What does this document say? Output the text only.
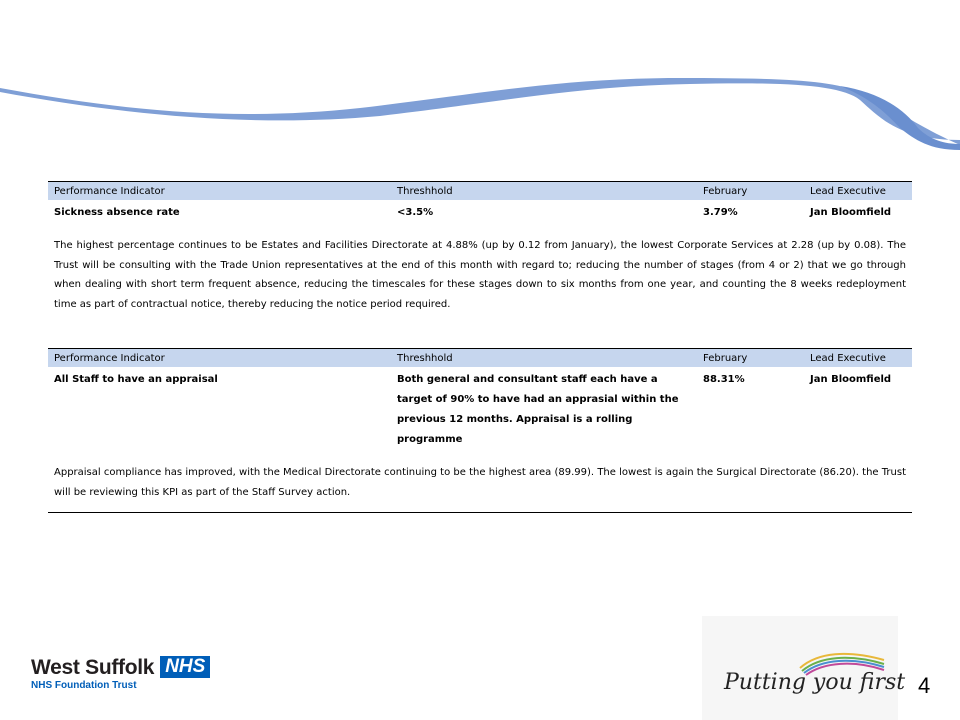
Performance Indicator	Threshhold	February	Lead Executive
Sickness absence rate	<3.5%	3.79%	Jan Bloomfield
The highest percentage continues to be Estates and Facilities Directorate at 4.88% (up by 0.12 from January), the lowest Corporate Services at 2.28 (up by 0.08). The Trust will be consulting with the Trade Union representatives at the end of this month with regard to; reducing the number of stages (from 4 or 2) that we go through when dealing with short term frequent absence, reducing the timescales for these stages down to six months from one year, and counting the 8 weeks redeployment time as part of contractual notice, thereby reducing the notice period required.
Performance Indicator	Threshhold	February	Lead Executive
All Staff to have an appraisal	Both general and consultant staff each have a target of 90% to have had an apprasial within the previous 12 months. Appraisal is a rolling programme	88.31%	Jan Bloomfield
Appraisal compliance has improved, with the Medical Directorate continuing to be the highest area (89.99). The lowest is again the Surgical Directorate (86.20). the Trust will be reviewing this KPI as part of the Staff Survey action.
West Suffolk NHS
NHS Foundation Trust	Putting you first 4
